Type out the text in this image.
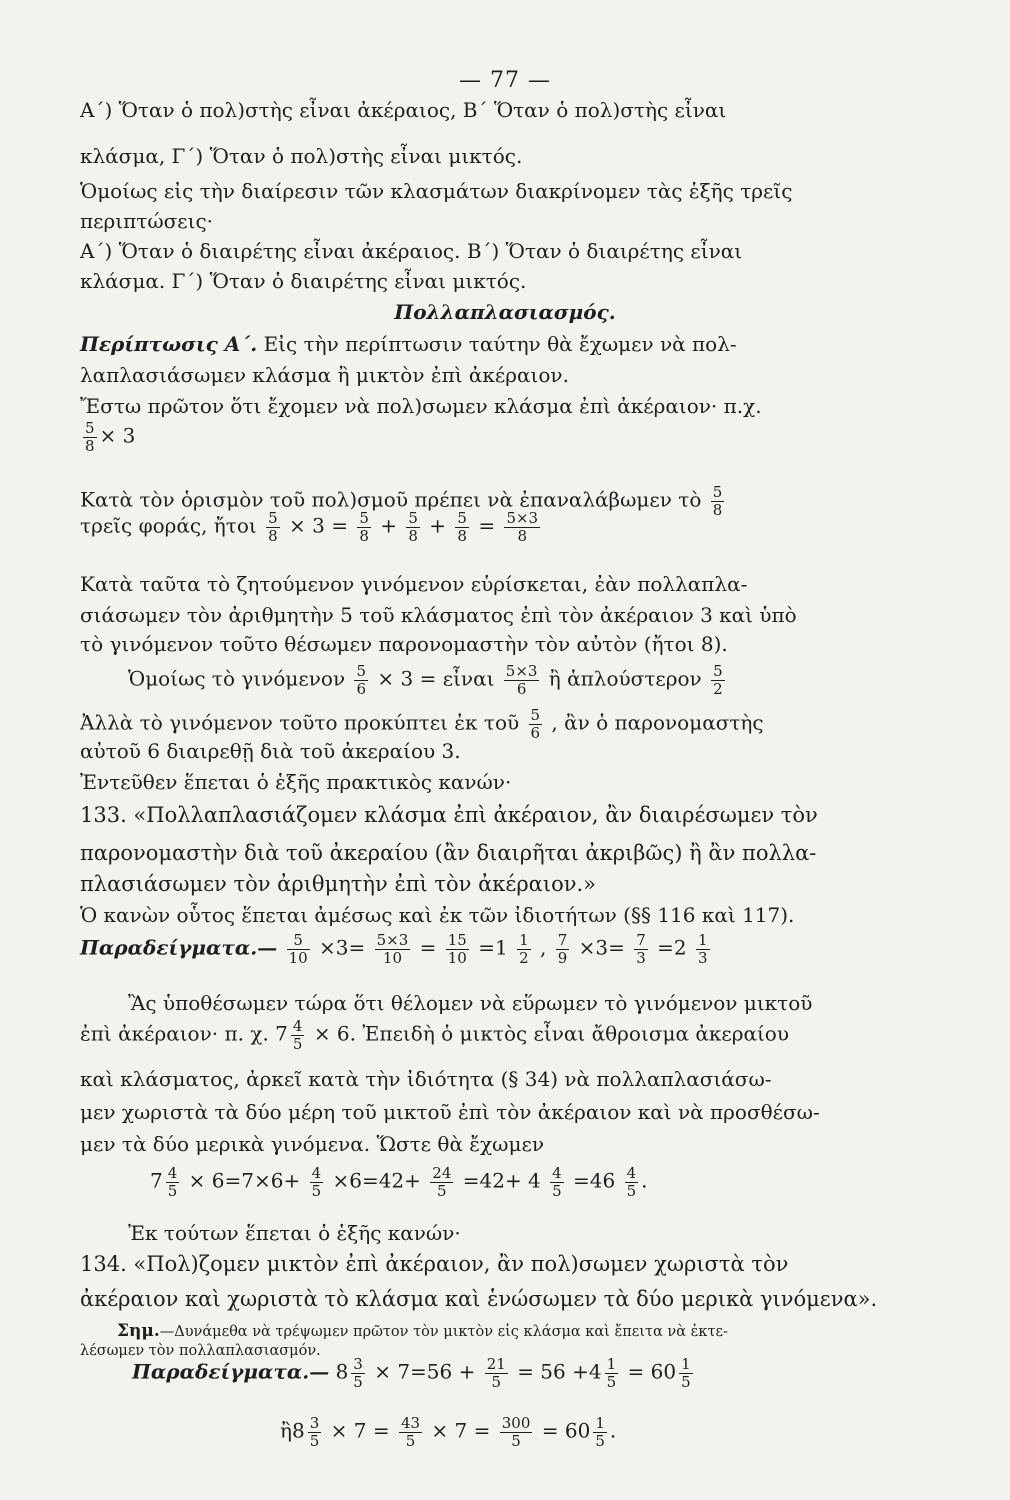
— 77 —
Α΄) Ὅταν ὁ πολ)στὴς εἶναι ἀκέραιος, Β΄ Ὅταν ὁ πολ)στὴς εἶναι
κλάσμα, Γ΄) Ὅταν ὁ πολ)στὴς εἶναι μικτός.
Ὁμοίως εἰς τὴν διαίρεσιν τῶν κλασμάτων διακρίνομεν τὰς ἑξῆς τρεῖς
περιπτώσεις·
Α΄) Ὅταν ὁ διαιρέτης εἶναι ἀκέραιος. Β΄) Ὅταν ὁ διαιρέτης εἶναι
κλάσμα. Γ΄) Ὅταν ὁ διαιρέτης εἶναι μικτός.
Πολλαπλασιασμός.
Περίπτωσις Α΄. Εἰς τὴν περίπτωσιν ταύτην θὰ ἔχωμεν νὰ πολ-
λαπλασιάσωμεν κλάσμα ἢ μικτὸν ἐπὶ ἀκέραιον.
Ἔστω πρῶτον ὅτι ἔχομεν νὰ πολ)σωμεν κλάσμα ἐπὶ ἀκέραιον· π.χ.
$\frac{5}{8} \times 3$
Κατὰ τὸν ὁρισμὸν τοῦ πολ)σμοῦ πρέπει νὰ ἐπαναλάβωμεν τὸ $\frac{5}{8}$
τρεῖς φοράς, ἤτοι $\frac{5}{8} \times 3 = \frac{5}{8} + \frac{5}{8} + \frac{5}{8} = \frac{5\times 3}{8}$
Κατὰ ταῦτα τὸ ζητούμενον γινόμενον εὑρίσκεται, ἐὰν πολλαπλα-
σιάσωμεν τὸν ἀριθμητὴν 5 τοῦ κλάσματος ἐπὶ τὸν ἀκέραιον 3 καὶ ὑπὸ
τὸ γινόμενον τοῦτο θέσωμεν παρονομαστὴν τὸν αὐτὸν (ἤτοι 8).
Ὁμοίως τὸ γινόμενον $\frac{5}{6} \times 3$ = εἶναι $\frac{5\times 3}{6}$ ἢ ἁπλούστερον $\frac{5}{2}$
Ἀλλὰ τὸ γινόμενον τοῦτο προκύπτει ἐκ τοῦ $\frac{5}{6}$ , ἂν ὁ παρονομαστὴς
αὐτοῦ 6 διαιρεθῇ διὰ τοῦ ἀκεραίου 3.
Ἐντεῦθεν ἕπεται ὁ ἑξῆς πρακτικὸς κανών·
133. «Πολλαπλασιάζομεν κλάσμα ἐπὶ ἀκέραιον, ἂν διαιρέσωμεν τὸν
παρονομαστὴν διὰ τοῦ ἀκεραίου (ἂν διαιρῆται ἀκριβῶς) ἢ ἂν πολλα-
πλασιάσωμεν τὸν ἀριθμητὴν ἐπὶ τὸν ἀκέραιον.»
Ὁ κανὼν οὗτος ἕπεται ἀμέσως καὶ ἐκ τῶν ἰδιοτήτων (§§ 116 καὶ 117).
Παραδείγματα.— $\frac{5}{10} \times 3= \frac{5\times 3}{10} = \frac{15}{10} =1 \frac{1}{2}$ , $\frac{7}{9} \times 3= \frac{7}{3} =2 \frac{1}{3}$
Ἂς ὑποθέσωμεν τώρα ὅτι θέλομεν νὰ εὕρωμεν τὸ γινόμενον μικτοῦ
ἐπὶ ἀκέραιον· π. χ. $7 \frac{4}{5} \times 6$. Ἐπειδὴ ὁ μικτὸς εἶναι ἄθροισμα ἀκεραίου
καὶ κλάσματος, ἀρκεῖ κατὰ τὴν ἰδιότητα (§ 34) νὰ πολλαπλασιάσω-
μεν χωριστὰ τὰ δύο μέρη τοῦ μικτοῦ ἐπὶ τὸν ἀκέραιον καὶ νὰ προσθέσω-
μεν τὰ δύο μερικὰ γινόμενα. Ὥστε θὰ ἔχωμεν
$7 \frac{4}{5} \times 6=7\times 6+ \frac{4}{5} \times 6=42+ \frac{24}{5} =42+ 4 \frac{4}{5} =46 \frac{4}{5}$ .
Ἐκ τούτων ἕπεται ὁ ἑξῆς κανών·
134. «Πολ)ζομεν μικτὸν ἐπὶ ἀκέραιον, ἂν πολ)σωμεν χωριστὰ τὸν
ἀκέραιον καὶ χωριστὰ τὸ κλάσμα καὶ ἑνώσωμεν τὰ δύο μερικὰ γινόμενα».
Σημ.—Δυνάμεθα νὰ τρέψωμεν πρῶτον τὸν μικτὸν εἰς κλάσμα καὶ ἔπειτα νὰ ἐκτε-
λέσωμεν τὸν πολλαπλασιασμόν.
Παραδείγματα.— $8 \frac{3}{5} \times 7=56 + \frac{21}{5} = 56 +4 \frac{1}{5} = 60 \frac{1}{5}$
ἢ8 $\frac{3}{5} \times 7 = \frac{43}{5} \times 7 = \frac{300}{5} = 60 \frac{1}{5}$ .
